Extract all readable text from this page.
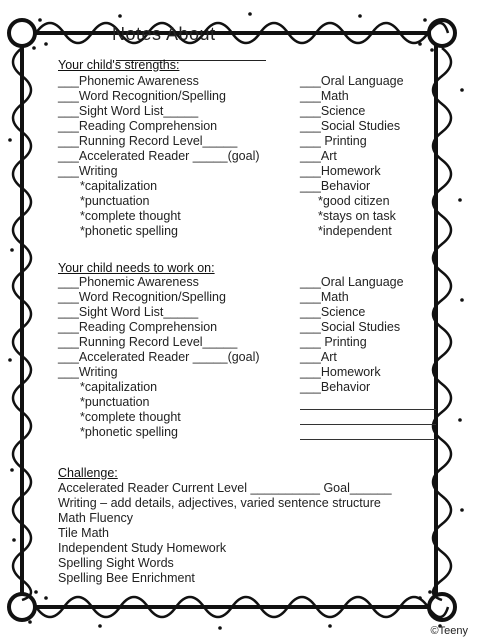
Notes About
Your child's strengths:
___Phonemic Awareness
___Word Recognition/Spelling
___Sight Word List_____
___Reading Comprehension
___Running Record Level_____
___Accelerated Reader _____(goal)
___Writing
*capitalization
*punctuation
*complete thought
*phonetic spelling
___Oral Language
___Math
___Science
___Social Studies
___ Printing
___Art
___Homework
___Behavior
*good citizen
*stays on task
*independent
Your child needs to work on:
___Phonemic Awareness
___Word Recognition/Spelling
___Sight Word List_____
___Reading Comprehension
___Running Record Level_____
___Accelerated Reader _____(goal)
___Writing
*capitalization
*punctuation
*complete thought
*phonetic spelling
___Oral Language
___Math
___Science
___Social Studies
___ Printing
___Art
___Homework
___Behavior
Challenge:
Accelerated Reader Current Level __________ Goal______
Writing – add details, adjectives, varied sentence structure
Math Fluency
Tile Math
Independent Study Homework
Spelling Sight Words
Spelling Bee Enrichment
©Teeny
